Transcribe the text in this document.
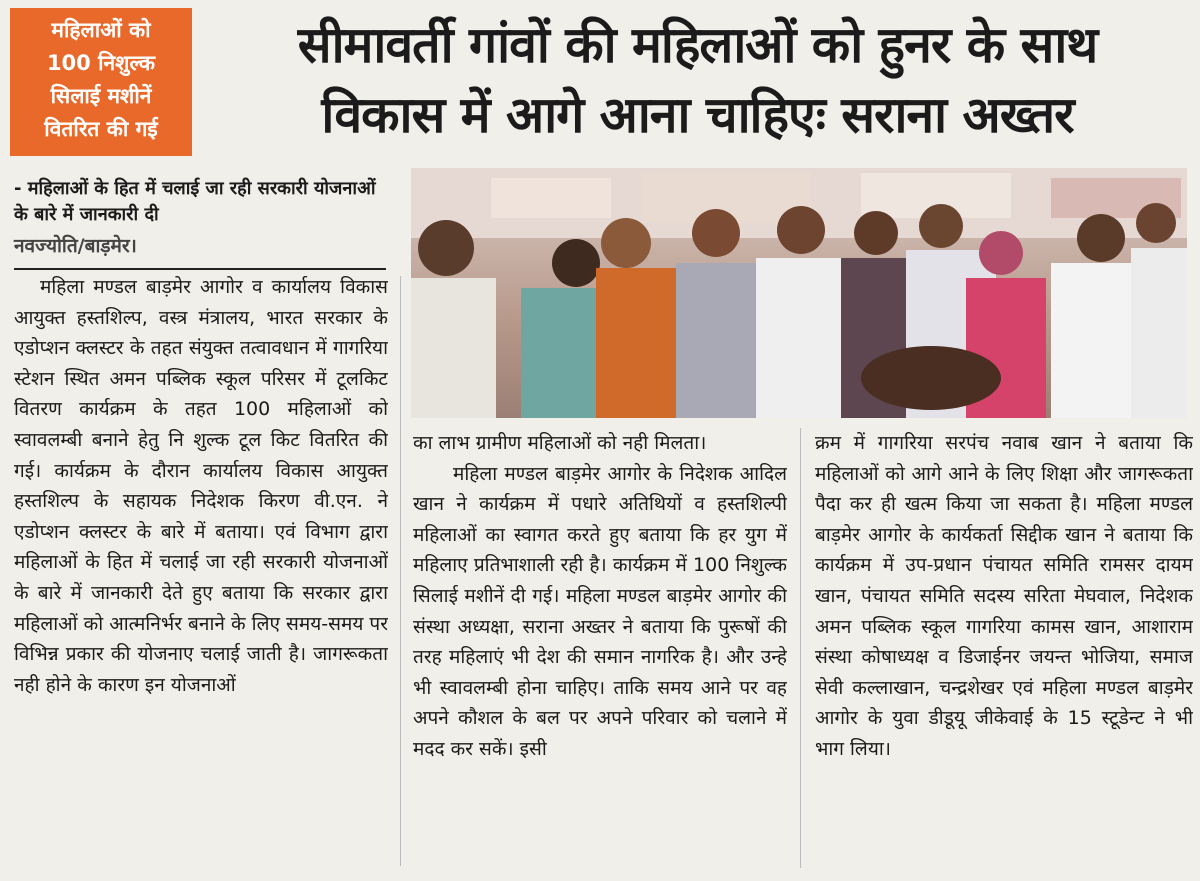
महिलाओं को
100 निशुल्क
सिलाई मशीनें
वितरित की गई
सीमावर्ती गांवों की महिलाओं को हुनर के साथ
विकास में आगे आना चाहिएः सराना अख्तर
- महिलाओं के हित में चलाई जा रही सरकारी योजनाओं के बारे में जानकारी दी
नवज्योति/बाड़मेर।

महिला मण्डल बाड़मेर आगोर व कार्यालय विकास आयुक्त हस्तशिल्प, वस्त्र मंत्रालय, भारत सरकार के एडोप्शन क्लस्टर के तहत संयुक्त तत्वावधान में गागरिया स्टेशन स्थित अमन पब्लिक स्कूल परिसर में टूलकिट वितरण कार्यक्रम के तहत 100 महिलाओं को स्वावलम्बी बनाने हेतु नि शुल्क टूल किट वितरित की गई। कार्यक्रम के दौरान कार्यालय विकास आयुक्त हस्तशिल्प के सहायक निदेशक किरण वी.एन. ने एडोप्शन क्लस्टर के बारे में बताया। एवं विभाग द्वारा महिलाओं के हित में चलाई जा रही सरकारी योजनाओं के बारे में जानकारी देते हुए बताया कि सरकार द्वारा महिलाओं को आत्मनिर्भर बनाने के लिए समय-समय पर विभिन्न प्रकार की योजनाए चलाई जाती है। जागरूकता नही होने के कारण इन योजनाओं

का लाभ ग्रामीण महिलाओं को नही मिलता।

महिला मण्डल बाड़मेर आगोर के निदेशक आदिल खान ने कार्यक्रम में पधारे अतिथियों व हस्तशिल्पी महिलाओं का स्वागत करते हुए बताया कि हर युग में महिलाए प्रतिभाशाली रही है। कार्यक्रम में 100 निशुल्क सिलाई मशीनें दी गई। महिला मण्डल बाड़मेर आगोर की संस्था अध्यक्षा, सराना अख्तर ने बताया कि पुरूषों की तरह महिलाएं भी देश की समान नागरिक है। और उन्हे भी स्वावलम्बी होना चाहिए। ताकि समय आने पर वह अपने कौशल के बल पर अपने परिवार को चलाने में मदद कर सकें। इसी

क्रम में गागरिया सरपंच नवाब खान ने बताया कि महिलाओं को आगे आने के लिए शिक्षा और जागरूकता पैदा कर ही खत्म किया जा सकता है। महिला मण्डल बाड़मेर आगोर के कार्यकर्ता सिद्दीक खान ने बताया कि कार्यक्रम में उप-प्रधान पंचायत समिति रामसर दायम खान, पंचायत समिति सदस्य सरिता मेघवाल, निदेशक अमन पब्लिक स्कूल गागरिया कामस खान, आशाराम संस्था कोषाध्यक्ष व डिजाईनर जयन्त भोजिया, समाज सेवी कल्लाखान, चन्द्रशेखर एवं महिला मण्डल बाड़मेर आगोर के युवा डीडूयू जीकेवाई के 15 स्टूडेन्ट ने भी भाग लिया।
